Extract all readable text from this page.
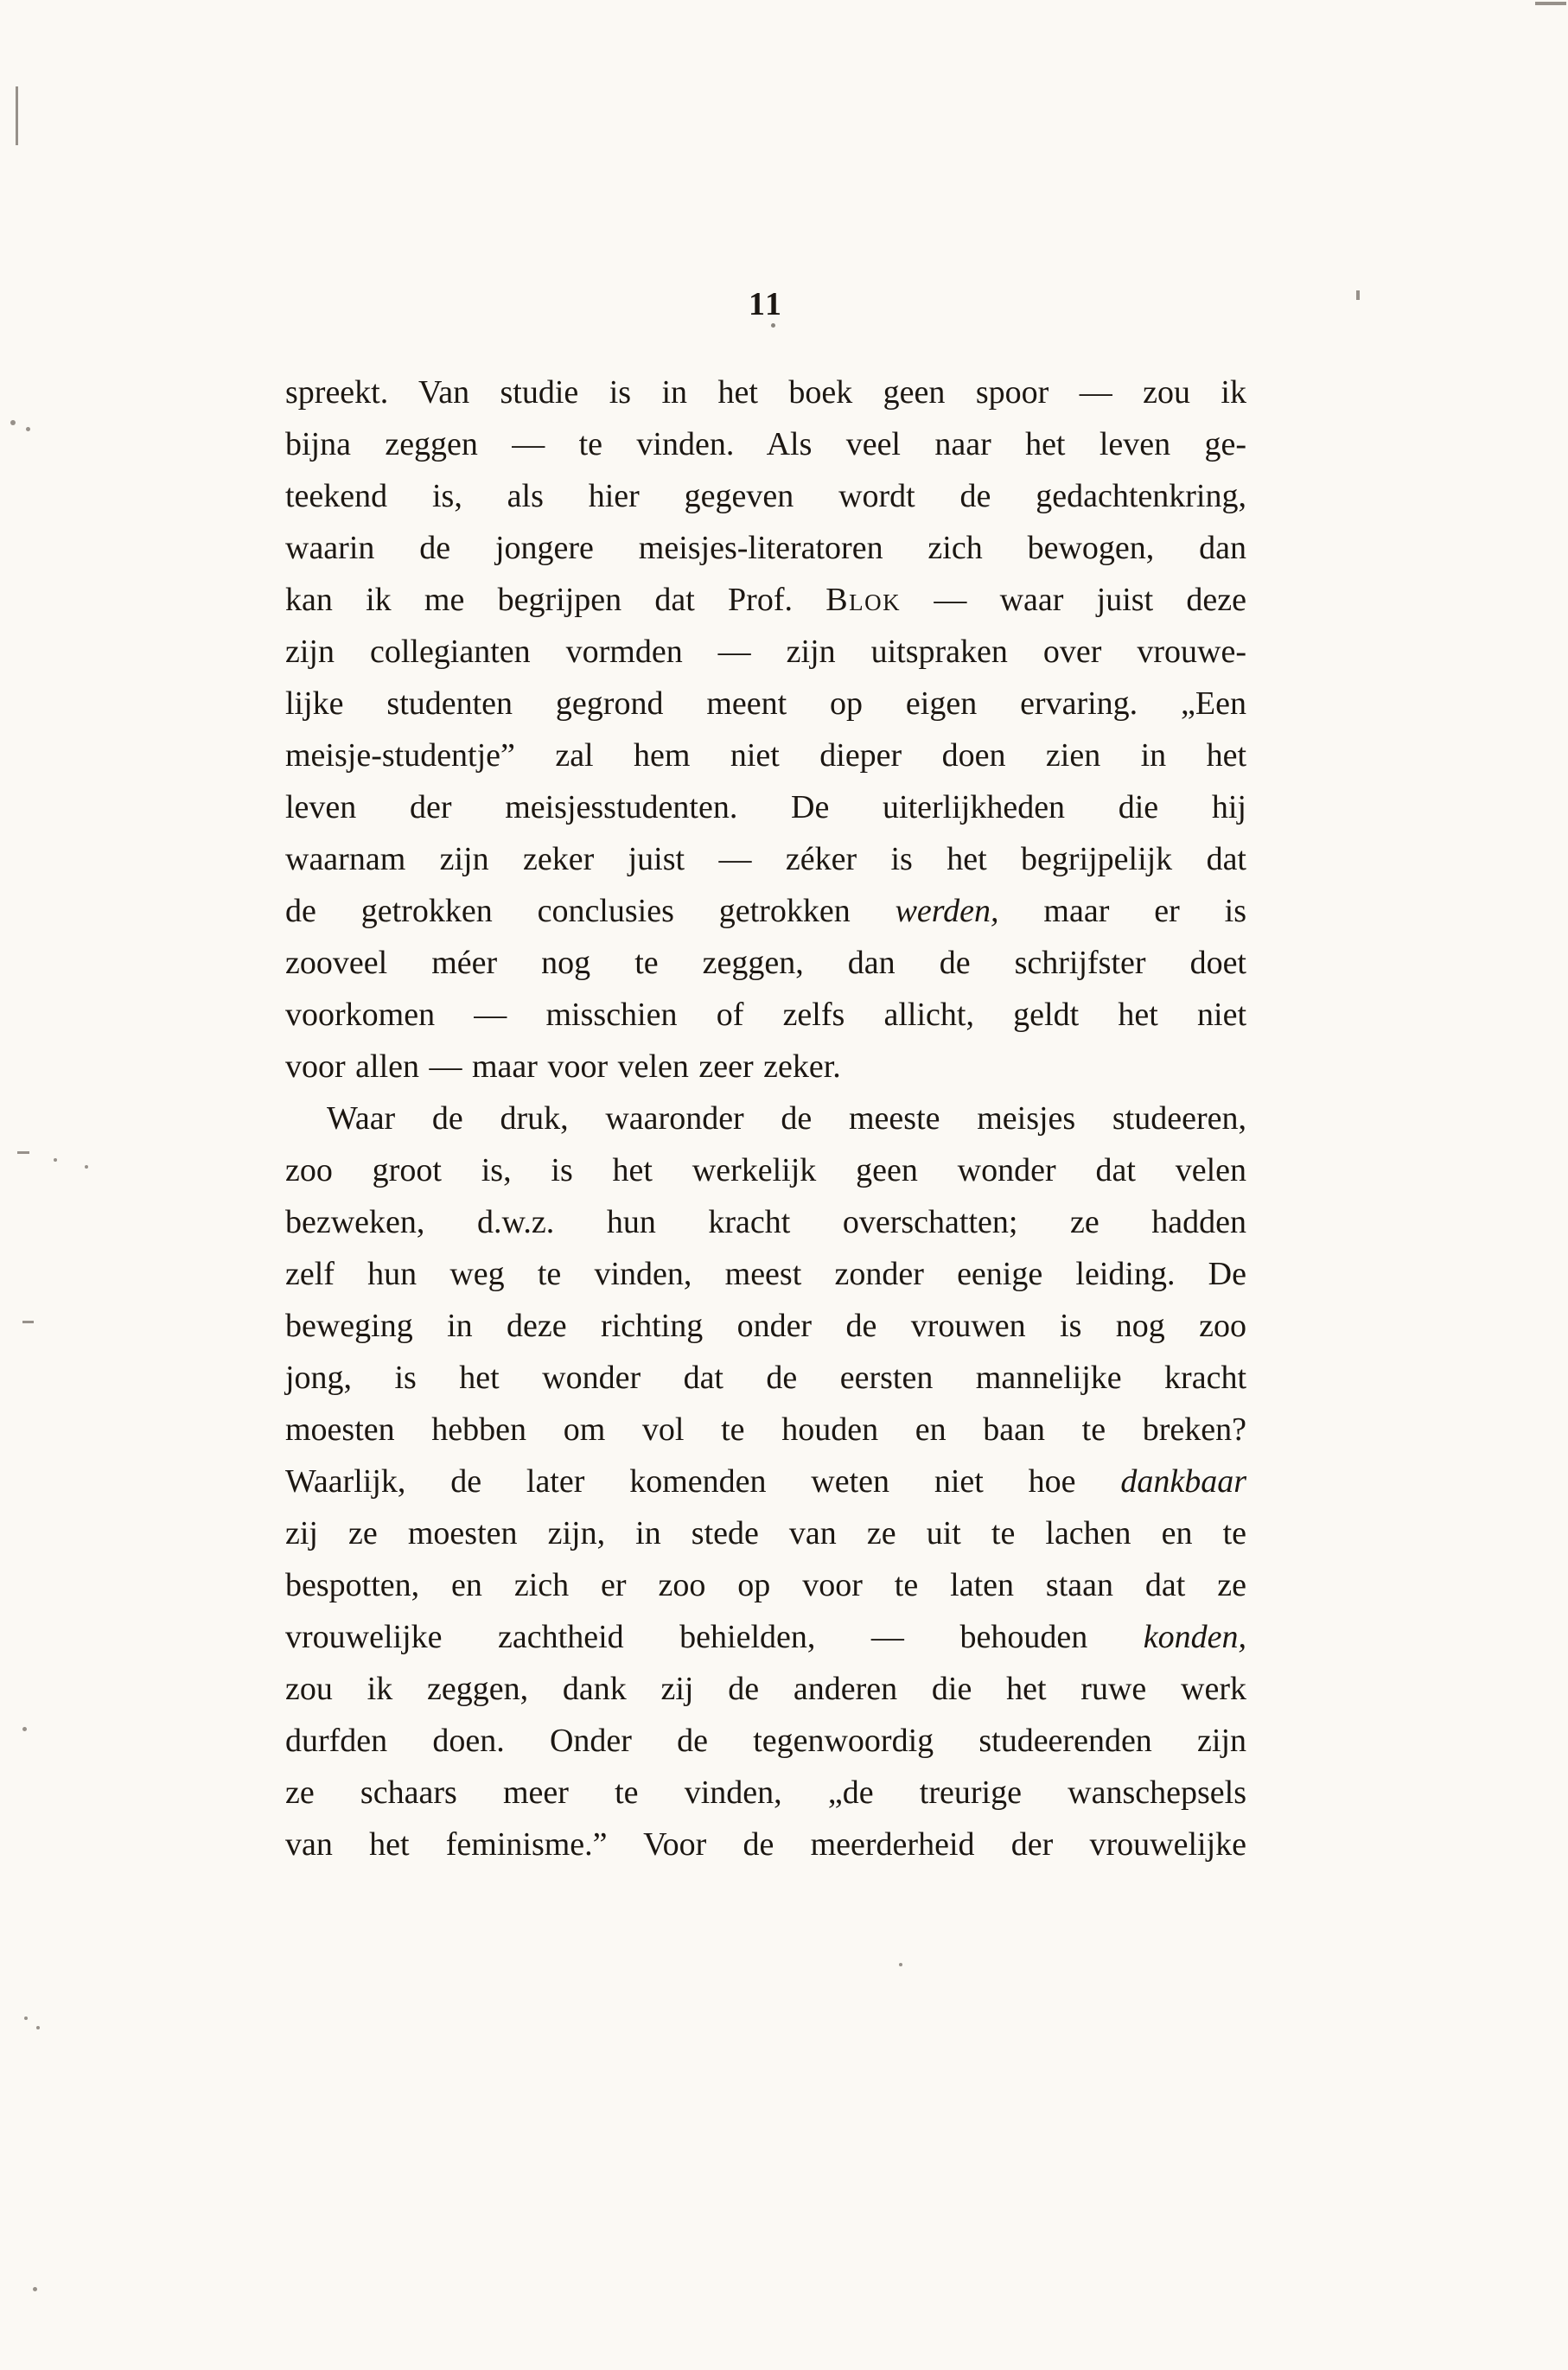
11
spreekt. Van studie is in het boek geen spoor — zou ik
bijna zeggen — te vinden. Als veel naar het leven ge-
teekend is, als hier gegeven wordt de gedachtenkring,
waarin de jongere meisjes-literatoren zich bewogen, dan
kan ik me begrijpen dat Prof. Blok — waar juist deze
zijn collegianten vormden — zijn uitspraken over vrouwe-
lijke studenten gegrond meent op eigen ervaring. „Een
meisje-studentje” zal hem niet dieper doen zien in het
leven der meisjesstudenten. De uiterlijkheden die hij
waarnam zijn zeker juist — zéker is het begrijpelijk dat
de getrokken conclusies getrokken werden, maar er is
zooveel méer nog te zeggen, dan de schrijfster doet
voorkomen — misschien of zelfs allicht, geldt het niet
voor allen — maar voor velen zeer zeker.
Waar de druk, waaronder de meeste meisjes studeeren,
zoo groot is, is het werkelijk geen wonder dat velen
bezweken, d.w.z. hun kracht overschatten; ze hadden
zelf hun weg te vinden, meest zonder eenige leiding. De
beweging in deze richting onder de vrouwen is nog zoo
jong, is het wonder dat de eersten mannelijke kracht
moesten hebben om vol te houden en baan te breken?
Waarlijk, de later komenden weten niet hoe dankbaar
zij ze moesten zijn, in stede van ze uit te lachen en te
bespotten, en zich er zoo op voor te laten staan dat ze
vrouwelijke zachtheid behielden, — behouden konden,
zou ik zeggen, dank zij de anderen die het ruwe werk
durfden doen. Onder de tegenwoordig studeerenden zijn
ze schaars meer te vinden, „de treurige wanschepsels
van het feminisme.” Voor de meerderheid der vrouwelijke
